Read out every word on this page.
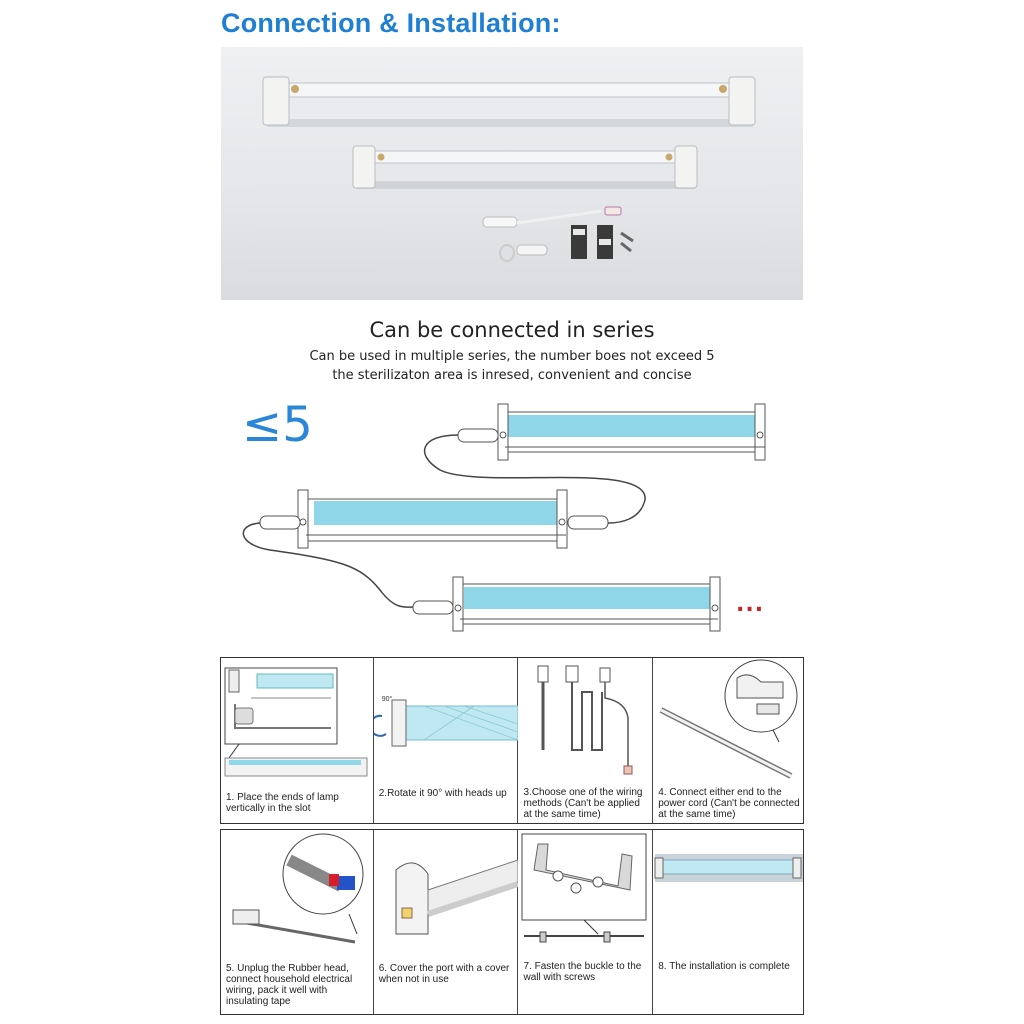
Connection & Installation:
Can be connected in series
Can be used in multiple series, the number boes not exceed 5
the sterilizaton area is inresed, convenient and concise
≤5
...
1. Place the ends of lamp vertically in the slot
90°
2.Rotate it 90° with heads up	3.Choose one of the wiring methods (Can't be applied at the same time)
4. Connect either end to the power cord (Can't be connected at the same time)
5. Unplug the Rubber head, connect household electrical wiring, pack it well with insulating tape
6. Cover the port with a cover when not in use
7. Fasten the buckle to the wall with screws
8. The installation is complete
